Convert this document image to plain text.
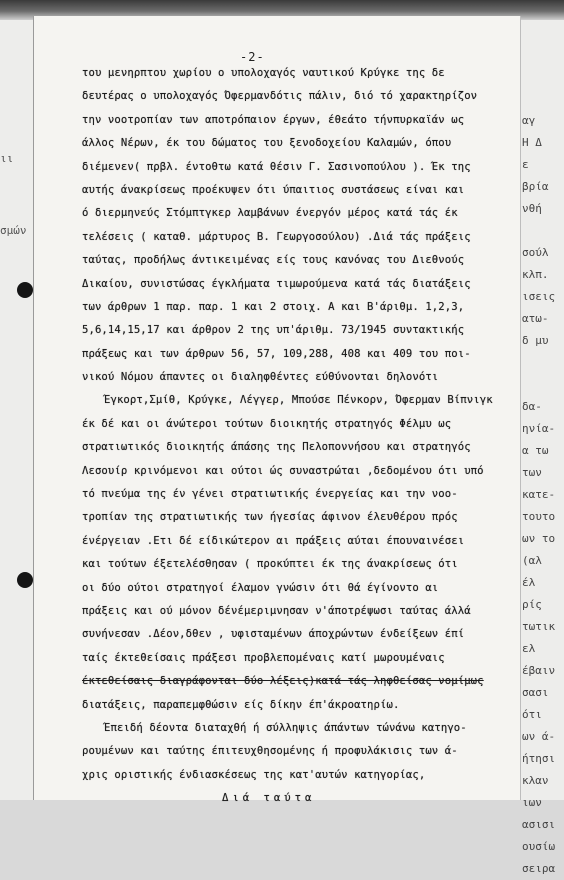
ιι

σμών
αγ
Η Δ
ε
βρία
νθή

σούλ
κλπ.
ισεις
ατω-
δ μυ

δα-
ηνία-
α τω
των
κατε-
τουτο
ων το
(αλ
έλ
ρίς
τωτικ
ελ
έβαιν
σασι
ότι
ων ά-
ήτησι
κλαν
ιων
ασισι
ουσίω
σειρα
-2-
του μενηρπτου χωρίου ο υπολοχαγός ναυτικού Κρύγκε της δε
δευτέρας ο υπολοχαγός Όφερμανδότις πάλιν, διό τό χαρακτηρίζον
την νοοτροπίαν των αποτρόπαιον έργων, έθεάτο τήνπυρκαϊάν ως
άλλος Νέρων, έκ του δώματος του ξενοδοχείου Καλαμών, όπου
διέμενεν( πρβλ. έντοθτω κατά θέσιν Γ. Σασινοπούλου ). Έκ της
αυτής άνακρίσεως προέκυψεν ότι ύπαιτιος συστάσεως είναι και
ό διερμηνεύς Στόμπτγκερ λαμβάνων ένεργόν μέρος κατά τάς έκ
τελέσεις ( καταθ. μάρτυρος Β. Γεωργοσούλου) .Διά τάς πράξεις
ταύτας, προδήλως άντικειμένας είς τους κανόνας του Διεθνούς
Δικαίου, συνιστώσας έγκλήματα τιμωρούμενα κατά τάς διατάξεις
των άρθρων 1 παρ. παρ. 1 και 2 στοιχ. Α και Β'άριθμ. 1,2,3,
5,6,14,15,17 και άρθρον 2 της υπ'άριθμ. 73/1945 συντακτικής
πράξεως και των άρθρων 56, 57, 109,288, 408 και 409 του ποι-
νικού Νόμου άπαντες οι διαληφθέντες εύθύνονται δηλονότι
Έγκορτ,Σμίθ, Κρύγκε, Λέγγερ, Μπούσε Πένκορν, Όφερμαν Βίπνιγκ
έκ δέ και οι άνώτεροι τούτων διοικητής στρατηγός Φέλμυ ως
στρατιωτικός διοικητής άπάσης της Πελοποννήσου και στρατηγός
Λεσουίρ κρινόμενοι και ούτοι ώς συναστρώται ,δεδομένου ότι υπό
τό πνεύμα της έν γένει στρατιωτικής ένεργείας και την νοο-
τροπίαν της στρατιωτικής των ήγεσίας άφινον έλευθέρου πρός
ένέργειαν .Ετι δέ είδικώτερον αι πράξεις αύται έπουναινέσει
και τούτων έξετελέσθησαν ( προκύπτει έκ της άνακρίσεως ότι
οι δύο ούτοι στρατηγοί έλαμον γνώσιν ότι θά έγίνοντο αι
πράξεις και ού μόνον δένέμεριμνησαν ν'άποτρέψωσι ταύτας άλλά
συνήνεσαν .Δέον,δθεν , υφισταμένων άποχρώντων ένδείξεων έπί
ταίς έκτεθείσαις πράξεσι προβλεπομέναις κατί μωρουμέναις
έκτεθείσαις διαγράφονται δύο λέξεις)κατά τάς ληφθείσας νομίμως
διατάξεις, παραπεμφθώσιν είς δίκην έπ'άκροατηρίω.
Έπειδή δέοντα διαταχθή ή σύλληψις άπάντων τώνάνω κατηγο-
ρουμένων και ταύτης έπιτευχθησομένης ή προφυλάκισις των ά-
χρις οριστικής ένδιασκέσεως της κατ'αυτών κατηγορίας,
Διά ταύτα
